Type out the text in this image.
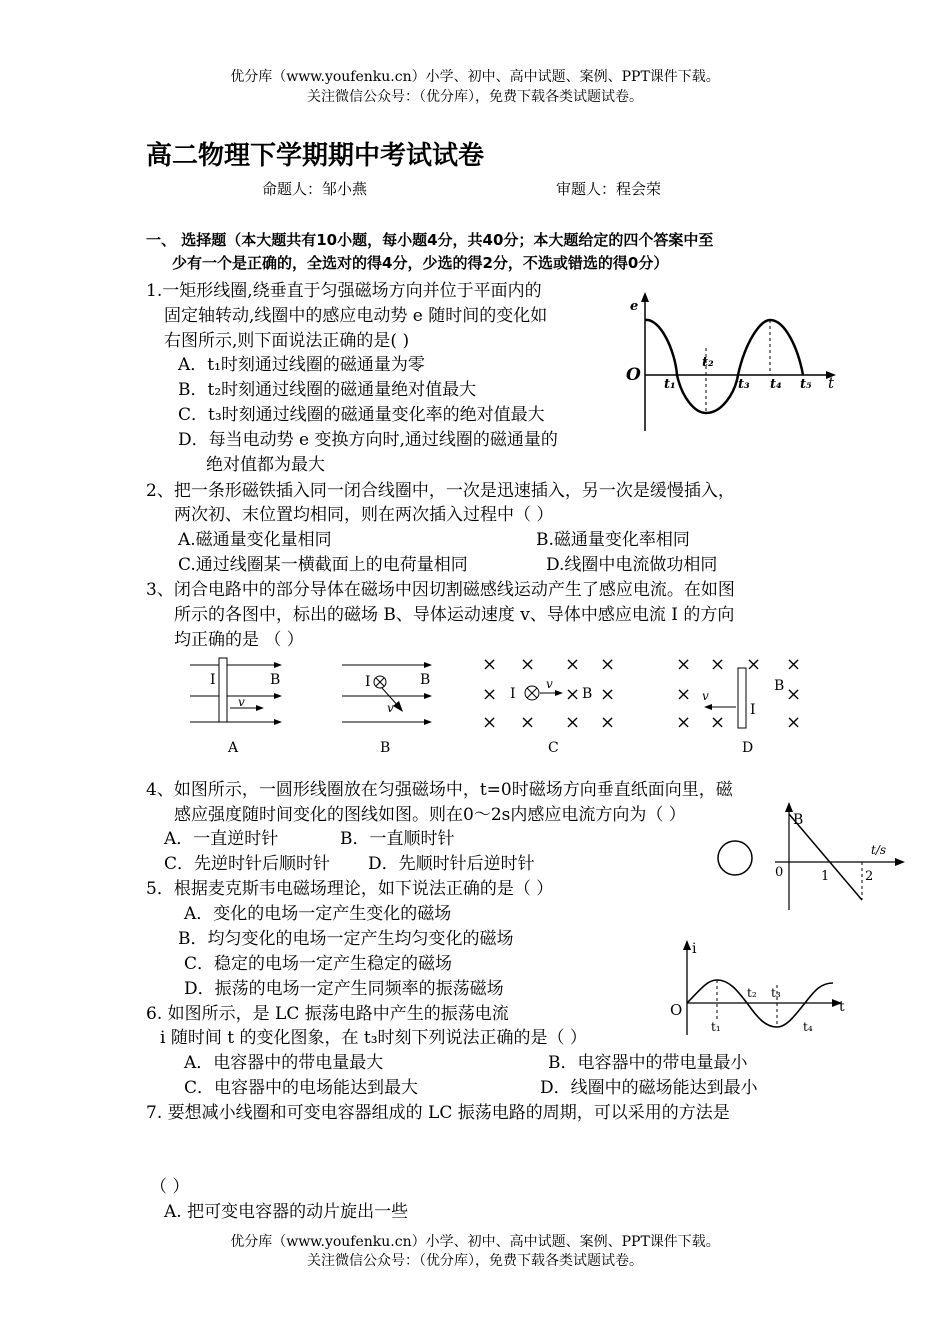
优分库（www.youfenku.cn）小学、初中、高中试题、案例、PPT课件下载。
关注微信公众号：（优分库），免费下载各类试题试卷。
高二物理下学期期中考试试卷
命题人：邹小燕	审题人：程会荣
一、 选择题（本大题共有10小题，每小题4分，共40分；本大题给定的四个答案中至
少有一个是正确的，全选对的得4分，少选的得2分，不选或错选的得0分）
1.一矩形线圈,绕垂直于匀强磁场方向并位于平面内的
固定轴转动,线圈中的感应电动势 e 随时间的变化如
右图所示,则下面说法正确的是( )
A．t₁时刻通过线圈的磁通量为零
B．t₂时刻通过线圈的磁通量绝对值最大
C．t₃时刻通过线圈的磁通量变化率的绝对值最大
D．每当电动势 e 变换方向时,通过线圈的磁通量的
绝对值都为最大
e
O	t
t₁
t₂
t₃ t₄ t₅
2、把一条形磁铁插入同一闭合线圈中，一次是迅速插入，另一次是缓慢插入，
两次初、末位置均相同，则在两次插入过程中（ ）
A.磁通量变化量相同	B.磁通量变化率相同
C.通过线圈某一横截面上的电荷量相同	D.线圈中电流做功相同
3、闭合电路中的部分导体在磁场中因切割磁感线运动产生了感应电流。在如图
所示的各图中，标出的磁场 B、导体运动速度 v、导体中感应电流 I 的方向
均正确的是 （ ）
I	B
v
A
I	B
v
B
× × × ×
×	× ×
× × × ×
I
v
B
C
× × × ×
×	×
× ×	×
v
I
B
D
4、如图所示，一圆形线圈放在匀强磁场中，t=0时磁场方向垂直纸面向里，磁
感应强度随时间变化的图线如图。则在0～2s内感应电流方向为（ ）
A．一直逆时针	B．一直顺时针
C．先逆时针后顺时针 D．先顺时针后逆时针
B
0	1	2
t/s
5．根据麦克斯韦电磁场理论，如下说法正确的是（ ）
A．变化的电场一定产生变化的磁场
B．均匀变化的电场一定产生均匀变化的磁场
C．稳定的电场一定产生稳定的磁场
D．振荡的电场一定产生同频率的振荡磁场
6. 如图所示，是 LC 振荡电路中产生的振荡电流
i 随时间 t 的变化图象，在 t₃时刻下列说法正确的是（ ）
A．电容器中的带电量最大	B．电容器中的带电量最小
C．电容器中的电场能达到最大	D．线圈中的磁场能达到最小
i
O	t
t₁
t₂ t₃
t₄
7. 要想减小线圈和可变电容器组成的 LC 振荡电路的周期，可以采用的方法是
（ ）
A. 把可变电容器的动片旋出一些
优分库（www.youfenku.cn）小学、初中、高中试题、案例、PPT课件下载。
关注微信公众号：（优分库），免费下载各类试题试卷。
